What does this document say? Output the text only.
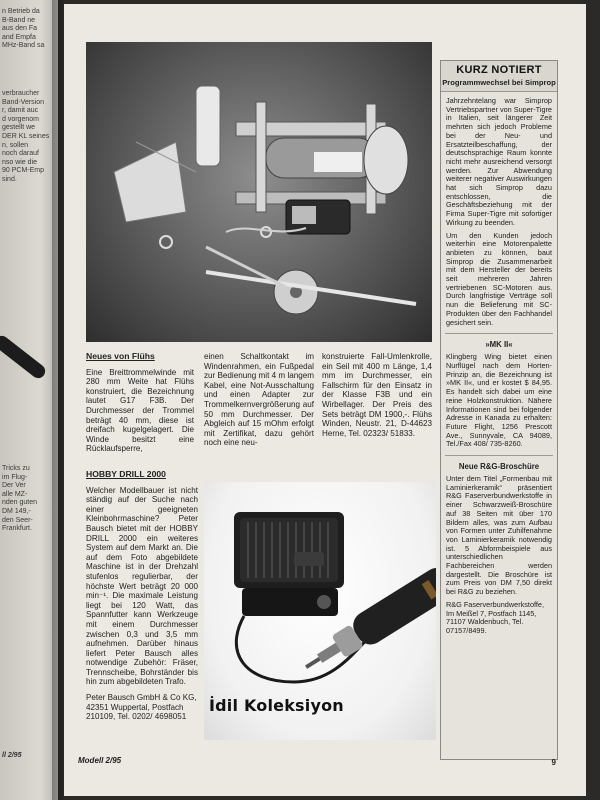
n Betrieb da
B-Band ne
aus den Fa
and Empfa
MHz-Band sa
verbraucher
Band-Version
r, damit auc
d vorgenom
gestellt we
DER KL seines
n, sollen
noch darauf
nso wie die
90 PCM-Emp
sind.
Tricks zu
im Flug-
Der Ver
alle MZ-
nden guten
DM 149,-
den Seer-
Frankfurt.
ll 2/95
Neues von Flühs

Eine Breittrommelwinde mit 280 mm Weite hat Flühs konstruiert, die Bezeichnung lautet G17 F3B. Der Durchmesser der Trommel beträgt 40 mm, diese ist dreifach kugelgelagert. Die Winde besitzt eine Rücklaufsperre,

einen Schaltkontakt im Windenrahmen, ein Fußpedal zur Bedienung mit 4 m langem Kabel, eine Not-Ausschaltung und einen Adapter zur Trommelkernvergrößerung auf 50 mm Durchmesser. Der Abgleich auf 15 mOhm erfolgt mit Zertifikat, dazu gehört noch eine neu-

konstruierte Fall-Umlenkrolle, ein Seil mit 400 m Länge, 1,4 mm im Durchmesser, ein Fallschirm für den Einsatz in der Klasse F3B und ein Wirbellager. Der Preis des Sets beträgt DM 1900,-. Flühs Winden, Neustr. 21, D-44623 Herne, Tel. 02323/ 51833.

HOBBY DRILL 2000

Welcher Modellbauer ist nicht ständig auf der Suche nach einer geeigneten Kleinbohrmaschine? Peter Bausch bietet mit der HOBBY DRILL 2000 ein weiteres System auf dem Markt an. Die auf dem Foto abgebildete Maschine ist in der Drehzahl stufenlos regulierbar, der höchste Wert beträgt 20 000 min⁻¹. Die maximale Leistung liegt bei 120 Watt, das Spannfutter kann Werkzeuge mit einem Durchmesser zwischen 0,3 und 3,5 mm aufnehmen. Darüber hinaus liefert Peter Bausch alles notwendige Zubehör: Fräser, Trennscheibe, Bohrständer bis hin zum abgebildeten Trafo.

Peter Bausch GmbH & Co KG, 42351 Wuppertal, Postfach 210109, Tel. 0202/ 4698051

KURZ NOTIERT
Programmwechsel bei Simprop

Jahrzehntelang war Simprop Vertriebspartner von Super-Tigre in Italien, seit längerer Zeit mehrten sich jedoch Probleme bei der Neu- und Ersatzteilbeschaffung, der deutschsprachige Raum konnte nicht mehr ausreichend versorgt werden. Zur Abwendung weiterer negativer Auswirkungen hat sich Simprop dazu entschlossen, die Geschäftsbeziehung mit der Firma Super-Tigre mit sofortiger Wirkung zu beenden.

Um den Kunden jedoch weiterhin eine Motorenpalette anbieten zu können, baut Simprop die Zusammenarbeit mit dem Hersteller der bereits seit mehreren Jahren vertriebenen SC-Motoren aus. Durch langfristige Verträge soll nun die Belieferung mit SC-Produkten über den Fachhandel gesichert sein.

»MK II«

Klingberg Wing bietet einen Nurflügel nach dem Horten-Prinzip an, die Bezeichnung ist »MK II«, und er kostet $ 84,95. Es handelt sich dabei um eine reine Holzkonstruktion. Nähere Informationen sind bei folgender Adresse in Kanada zu erhalten: Future Flight, 1256 Prescott Ave., Sunnyvale, CA 94089, Tel./Fax 408/ 735-8260.

Neue R&G-Broschüre

Unter dem Titel „Formenbau mit Laminierkeramik“ präsentiert R&G Faserverbundwerkstoffe in einer Schwarzweiß-Broschüre auf 38 Seiten mit über 170 Bildern alles, was zum Aufbau von Formen unter Zuhilfenahme von Laminierkeramik notwendig ist. 5 Abformbeispiele aus unterschiedlichen Fachbereichen werden dargestellt. Die Broschüre ist zum Preis von DM 7,50 direkt bei R&G zu beziehen.

R&G Faserverbundwerkstoffe, Im Meißel 7, Postfach 1145, 71107 Waldenbuch, Tel. 07157/8499.

İdil Koleksiyon
Modell 2/95	9
